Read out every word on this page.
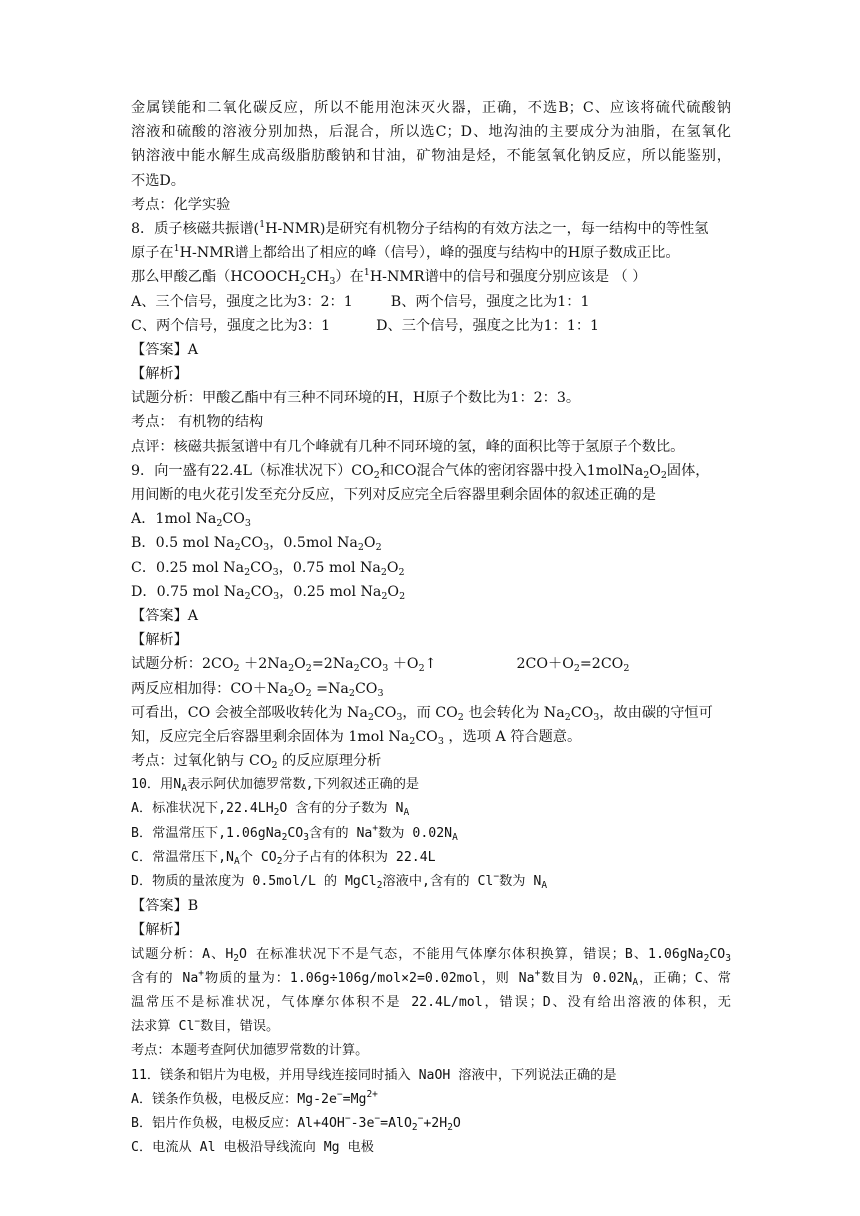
金属镁能和二氧化碳反应，所以不能用泡沫灭火器，正确，不选B；C、应该将硫代硫酸钠
溶液和硫酸的溶液分别加热，后混合，所以选C；D、地沟油的主要成分为油脂，在氢氧化
钠溶液中能水解生成高级脂肪酸钠和甘油，矿物油是烃，不能氢氧化钠反应，所以能鉴别，
不选D。
考点：化学实验
8．质子核磁共振谱($^1$H-NMR)是研究有机物分子结构的有效方法之一，每一结构中的等性氢
原子在$^1$H-NMR谱上都给出了相应的峰（信号），峰的强度与结构中的H原子数成正比。
那么甲酸乙酯$(HCOOCH_2CH_3)$在$^1$H-NMR谱中的信号和强度分别应该是 （ ）
A、三个信号，强度之比为3：2：1	B、两个信号，强度之比为1：1
C、两个信号，强度之比为3：1	D、三个信号，强度之比为1：1：1
【答案】A
【解析】
试题分析：甲酸乙酯中有三种不同环境的H，H原子个数比为1：2：3。
考点： 有机物的结构
点评：核磁共振氢谱中有几个峰就有几种不同环境的氢，峰的面积比等于氢原子个数比。
9．向一盛有22.4L（标准状况下）$CO_2$和CO混合气体的密闭容器中投入$1molNa_2O_2$固体，
用间断的电火花引发至充分反应，下列对反应完全后容器里剩余固体的叙述正确的是
A．1mol $Na_2CO_3$
B．0.5 mol $Na_2CO_3$，0.5mol $Na_2O_2$
C．0.25 mol $Na_2CO_3$，0.75 mol $Na_2O_2$
D．0.75 mol $Na_2CO_3$，0.25 mol $Na_2O_2$
【答案】A
【解析】
试题分析：$2CO_2 +2Na_2O_2=2Na_2CO_3$ $+O_2↑$	$2CO+O_2=2CO_2$
两反应相加得：$CO+Na_2O_2 =Na_2CO_3$
可看出，CO 会被全部吸收转化为 $Na_2CO_3$，而 $CO_2$ 也会转化为 $Na_2CO_3$，故由碳的守恒可
知，反应完全后容器里剩余固体为 1mol $Na_2CO_3$ ，选项 A 符合题意。
考点：过氧化钠与 $CO_2$ 的反应原理分析
10．用$N_A$表示阿伏加德罗常数,下列叙述正确的是
A．标准状况下$,22.4LH_2O$ 含有的分子数为 $N_A$
B．常温常压下$,1.06gNa_2CO_3$含有的 Na+数为 $0.02N_A$
C．常温常压下$,N_A$个 $CO_2$分子占有的体积为 22.4L
D．物质的量浓度为 0.5mol/L 的 MgCl$_2$溶液中,含有的 Cl−数为 $N_A$
【答案】B
【解析】
试题分析：A、$H_2O$ 在标准状况下不是气态，不能用气体摩尔体积换算，错误；B、$1.06gNa_2CO_3$
含有的 Na+物质的量为：1.06g÷106g/mol×2=0.02mol，则 Na+数目为 $0.02N_A$，正确；C、常
温常压不是标准状况，气体摩尔体积不是 22.4L/mol，错误；D、没有给出溶液的体积，无
法求算 Cl−数目，错误。
考点：本题考查阿伏加德罗常数的计算。
11．镁条和铝片为电极，并用导线连接同时插入 NaOH 溶液中，下列说法正确的是
A．镁条作负极，电极反应：$Mg-2e^-=Mg^{2+}$
B．铝片作负极，电极反应：$Al+4OH^--3e^-=AlO_2^-+2H_2O$
C．电流从 Al 电极沿导线流向 Mg 电极
